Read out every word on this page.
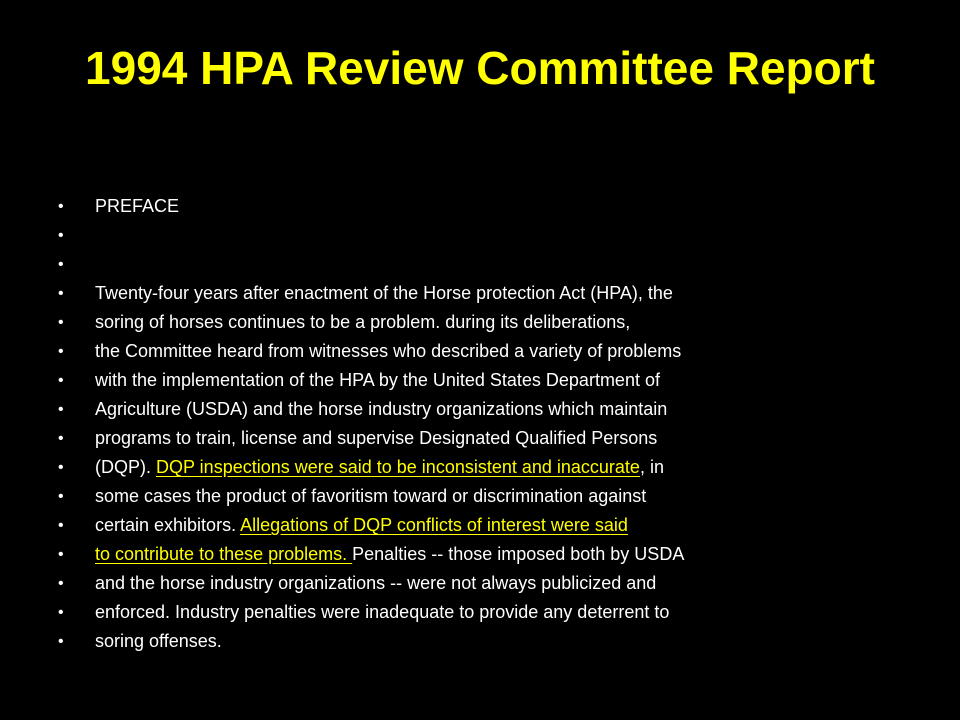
1994 HPA Review Committee Report
•	PREFACE
•
•
•	Twenty-four years after enactment of the Horse protection Act (HPA), the
•	soring of horses continues to be a problem. during its deliberations,
•	the Committee heard from witnesses who described a variety of problems
•	with the implementation of the HPA by the United States Department of
•	Agriculture (USDA) and the horse industry organizations which maintain
•	programs to train, license and supervise Designated Qualified Persons
•	(DQP). DQP inspections were said to be inconsistent and inaccurate, in
•	some cases the product of favoritism toward or discrimination against
•	certain exhibitors. Allegations of DQP conflicts of interest were said
•	to contribute to these problems. Penalties -- those imposed both by USDA
•	and the horse industry organizations -- were not always publicized and
•	enforced. Industry penalties were inadequate to provide any deterrent to
•	soring offenses.
